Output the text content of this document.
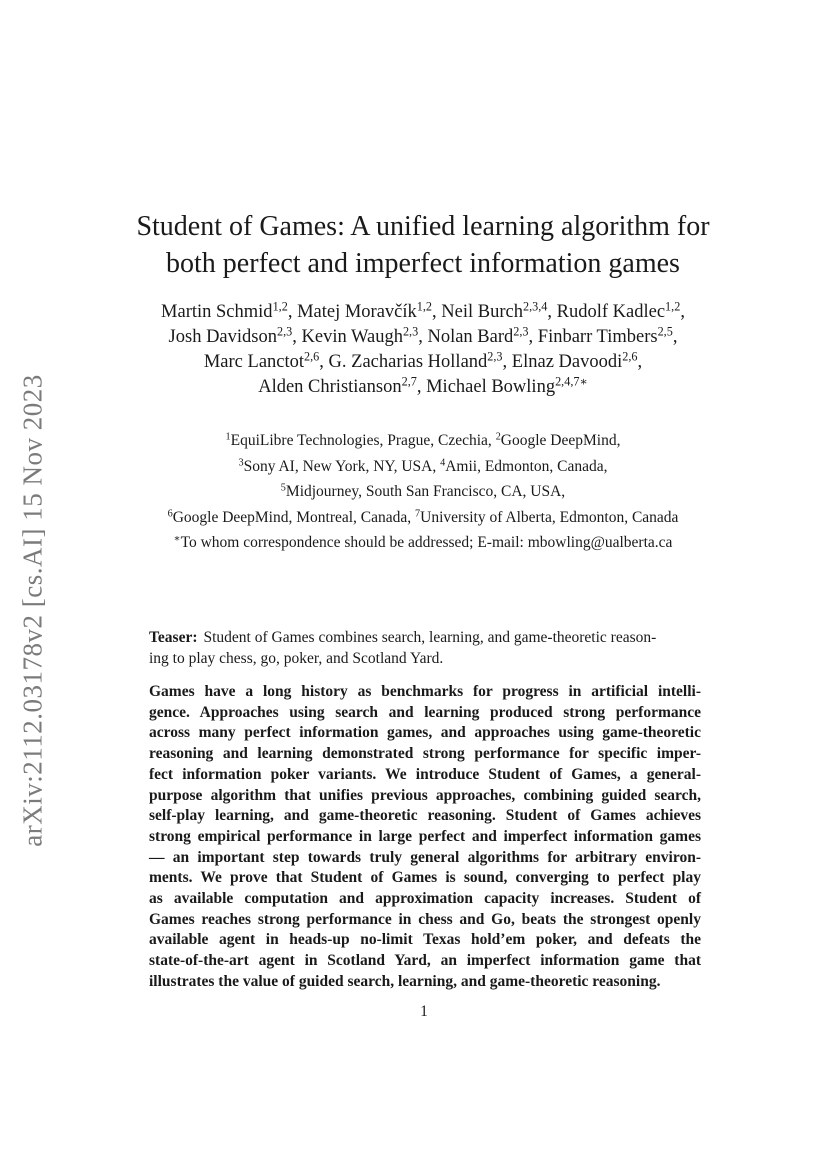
arXiv:2112.03178v2 [cs.AI] 15 Nov 2023
Student of Games: A unified learning algorithm for
both perfect and imperfect information games
Martin Schmid$^{1,2}$, Matej Moravčík$^{1,2}$, Neil Burch$^{2,3,4}$, Rudolf Kadlec$^{1,2}$,
Josh Davidson$^{2,3}$, Kevin Waugh$^{2,3}$, Nolan Bard$^{2,3}$, Finbarr Timbers$^{2,5}$,
Marc Lanctot$^{2,6}$, G. Zacharias Holland$^{2,3}$, Elnaz Davoodi$^{2,6}$,
Alden Christianson$^{2,7}$, Michael Bowling$^{2,4,7∗}$
$^1$EquiLibre Technologies, Prague, Czechia, $^2$Google DeepMind,
$^3$Sony AI, New York, NY, USA, $^4$Amii, Edmonton, Canada,
$^5$Midjourney, South San Francisco, CA, USA,
$^6$Google DeepMind, Montreal, Canada, $^7$University of Alberta, Edmonton, Canada
∗To whom correspondence should be addressed; E-mail: mbowling@ualberta.ca
Teaser: Student of Games combines search, learning, and game-theoretic reason-
ing to play chess, go, poker, and Scotland Yard.
Games have a long history as benchmarks for progress in artificial intelli-
gence. Approaches using search and learning produced strong performance
across many perfect information games, and approaches using game-theoretic
reasoning and learning demonstrated strong performance for specific imper-
fect information poker variants. We introduce Student of Games, a general-
purpose algorithm that unifies previous approaches, combining guided search,
self-play learning, and game-theoretic reasoning. Student of Games achieves
strong empirical performance in large perfect and imperfect information games
— an important step towards truly general algorithms for arbitrary environ-
ments. We prove that Student of Games is sound, converging to perfect play
as available computation and approximation capacity increases. Student of
Games reaches strong performance in chess and Go, beats the strongest openly
available agent in heads-up no-limit Texas hold’em poker, and defeats the
state-of-the-art agent in Scotland Yard, an imperfect information game that
illustrates the value of guided search, learning, and game-theoretic reasoning.
1
